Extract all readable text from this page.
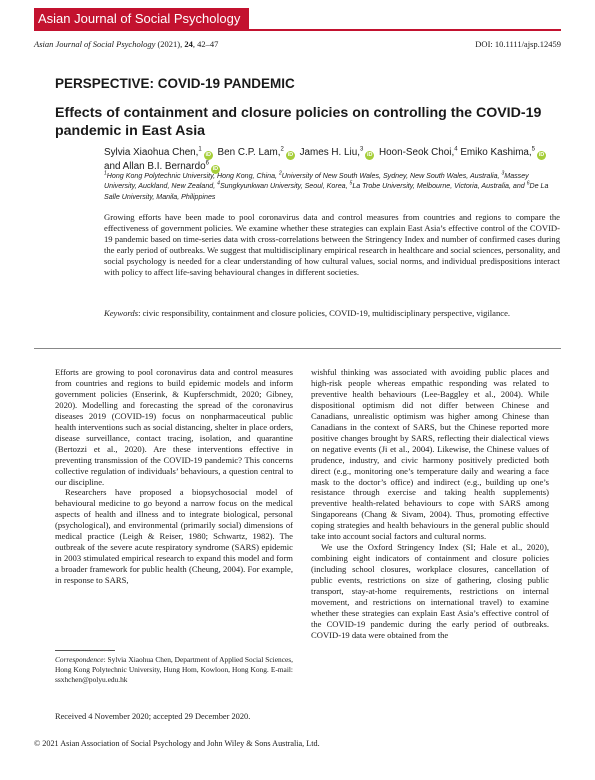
Asian Journal of Social Psychology
Asian Journal of Social Psychology (2021), 24, 42–47	DOI: 10.1111/ajsp.12459
PERSPECTIVE: COVID-19 PANDEMIC
Effects of containment and closure policies on controlling the COVID-19 pandemic in East Asia
Sylvia Xiaohua Chen,$^1$iD Ben C.P. Lam,$^2$iD James H. Liu,$^3$iD Hoon-Seok Choi,$^4$ Emiko Kashima,$^5$iD and Allan B.I. Bernardo$^6$iD
$^1$Hong Kong Polytechnic University, Hong Kong, China, $^2$University of New South Wales, Sydney, New South Wales, Australia, $^3$Massey University, Auckland, New Zealand, $^4$Sungkyunkwan University, Seoul, Korea, $^5$La Trobe University, Melbourne, Victoria, Australia, and $^6$De La Salle University, Manila, Philippines
Growing efforts have been made to pool coronavirus data and control measures from countries and regions to compare the effectiveness of government policies. We examine whether these strategies can explain East Asia’s effective control of the COVID-19 pandemic based on time-series data with cross-correlations between the Stringency Index and number of confirmed cases during the early period of outbreaks. We suggest that multidisciplinary empirical research in healthcare and social sciences, personality, and social psychology is needed for a clear understanding of how cultural values, social norms, and individual predispositions interact with policy to affect life-saving behavioural changes in different societies.
Keywords: civic responsibility, containment and closure policies, COVID-19, multidisciplinary perspective, vigilance.

Efforts are growing to pool coronavirus data and control measures from countries and regions to build epidemic models and inform government policies (Enserink, & Kupferschmidt, 2020; Gibney, 2020). Modelling and forecasting the spread of the coronavirus diseases 2019 (COVID-19) focus on nonpharmaceutical public health interventions such as social distancing, shelter in place orders, disease surveillance, contact tracing, isolation, and quarantine (Bertozzi et al., 2020). Are these interventions effective in preventing transmission of the COVID-19 pandemic? This concerns collective regulation of individuals’ behaviours, a question central to our discipline.

Researchers have proposed a biopsychosocial model of behavioural medicine to go beyond a narrow focus on the medical aspects of health and illness and to integrate biological, personal (psychological), and environmental (primarily social) dimensions of medical practice (Leigh & Reiser, 1980; Schwartz, 1982). The outbreak of the severe acute respiratory syndrome (SARS) epidemic in 2003 stimulated empirical research to expand this model and form a broader framework for public health (Cheung, 2004). For example, in response to SARS,

wishful thinking was associated with avoiding public places and high-risk people whereas empathic responding was related to preventive health behaviours (Lee-Baggley et al., 2004). While dispositional optimism did not differ between Chinese and Canadians, unrealistic optimism was higher among Chinese than Canadians in the context of SARS, but the Chinese reported more positive changes brought by SARS, reflecting their dialectical views on negative events (Ji et al., 2004). Likewise, the Chinese values of prudence, industry, and civic harmony positively predicted both direct (e.g., monitoring one’s temperature daily and wearing a face mask to the doctor’s office) and indirect (e.g., building up one’s resistance through exercise and taking health supplements) preventive health-related behaviours to cope with SARS among Singaporeans (Chang & Sivam, 2004). Thus, promoting effective coping strategies and health behaviours in the general public should take into account social factors and cultural norms.

We use the Oxford Stringency Index (SI; Hale et al., 2020), combining eight indicators of containment and closure policies (including school closures, workplace closures, cancellation of public events, restrictions on size of gathering, closing public transport, stay-at-home requirements, restrictions on internal movement, and restrictions on international travel) to examine whether these strategies can explain East Asia’s effective control of the COVID-19 pandemic during the early period of outbreaks. COVID-19 data were obtained from the

Correspondence: Sylvia Xiaohua Chen, Department of Applied Social Sciences, Hong Kong Polytechnic University, Hung Hom, Kowloon, Hong Kong. E-mail: ssxhchen@polyu.edu.hk
Received 4 November 2020; accepted 29 December 2020.
© 2021 Asian Association of Social Psychology and John Wiley & Sons Australia, Ltd.
